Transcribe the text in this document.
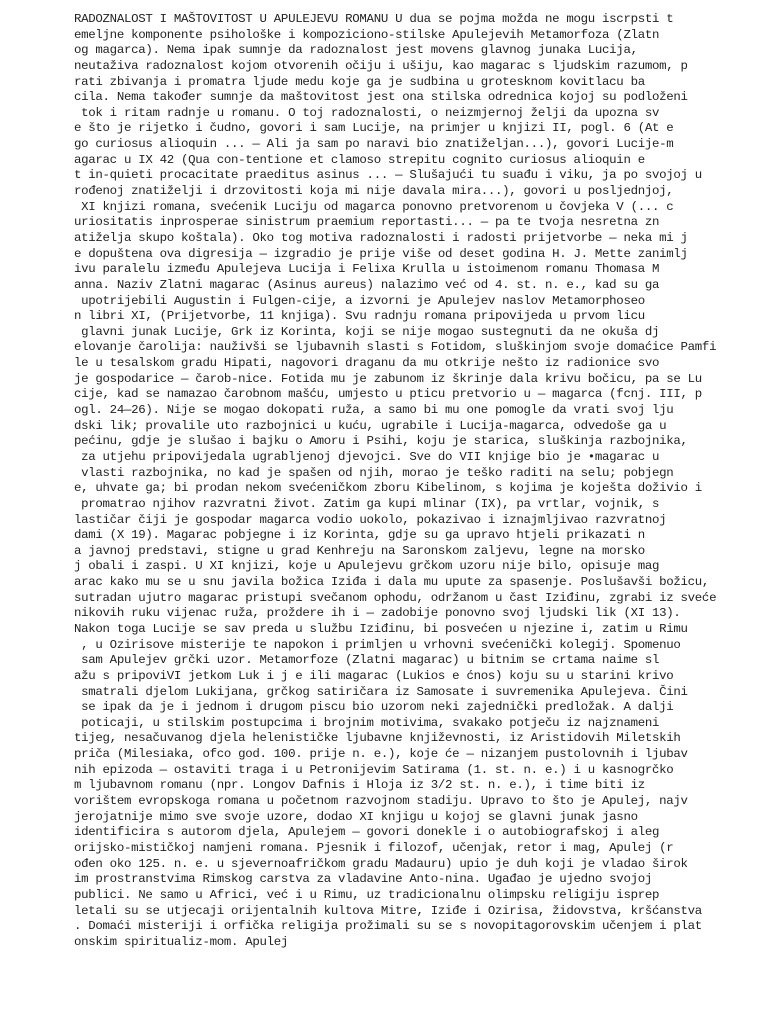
RADOZNALOST I MAŠTOVITOST U APULEJEVU ROMANU U dua se pojma možda ne mogu iscrpsti t
emeljne komponente psihološke i kompoziciono-stilske Apulejevih Metamorfoza (Zlatn
og magarca). Nema ipak sumnje da radoznalost jest movens glavnog junaka Lucija,
neutaživa radoznalost kojom otvorenih očiju i ušiju, kao magarac s ljudskim razumom, p
rati zbivanja i promatra ljude medu koje ga je sudbina u grotesknom kovitlacu ba
cila. Nema također sumnje da maštovitost jest ona stilska odrednica kojoj su podloženi
tok i ritam radnje u romanu. O toj radoznalosti, o neizmjernoj želji da upozna sv
e što je rijetko i čudno, govori i sam Lucije, na primjer u knjizi II, pogl. 6 (At e
go curiosus alioquin ... — Ali ja sam po naravi bio znatiželjan...), govori Lucije-m
agarac u IX 42 (Qua con-tentione et clamoso strepitu cognito curiosus alioquin e
t in-quieti procacitate praeditus asinus ... — Slušajući tu suađu i viku, ja po svojoj u
rođenoj znatiželji i drzovitosti koja mi nije davala mira...), govori u posljednjoj,
XI knjizi romana, svećenik Luciju od magarca ponovno pretvorenom u čovjeka V (... c
uriositatis inprosperae sinistrum praemium reportasti... — pa te tvoja nesretna zn
atiželja skupo koštala). Oko tog motiva radoznalosti i radosti prijetvorbe — neka mi j
e dopuštena ova digresija — izgradio je prije više od deset godina H. J. Mette zanimlj
ivu paralelu između Apulejeva Lucija i Felixa Krulla u istoimenom romanu Thomasa M
anna. Naziv Zlatni magarac (Asinus aureus) nalazimo već od 4. st. n. e., kad su ga
upotrijebili Augustin i Fulgen-cije, a izvorni je Apulejev naslov Metamorphoseo
n libri XI, (Prijetvorbe, 11 knjiga). Svu radnju romana pripovijeda u prvom licu
glavni junak Lucije, Grk iz Korinta, koji se nije mogao sustegnuti da ne okuša dj
elovanje čarolija: nauživši se ljubavnih slasti s Fotidom, sluškinjom svoje domaćice Pamfi
le u tesalskom gradu Hipati, nagovori draganu da mu otkrije nešto iz radionice svo
je gospodarice — čarob-nice. Fotida mu je zabunom iz škrinje dala krivu bočicu, pa se Lu
cije, kad se namazao čarobnom mašću, umjesto u pticu pretvorio u — magarca (fcnj. III, p
ogl. 24—26). Nije se mogao dokopati ruža, a samo bi mu one pomogle da vrati svoj lju
dski lik; provalile uto razbojnici u kuću, ugrabile i Lucija-magarca, odvedoše ga u
pećinu, gdje je slušao i bajku o Amoru i Psihi, koju je starica, sluškinja razbojnika,
za utjehu pripovijedala ugrabljenoj djevojci. Sve do VII knjige bio je •magarac u
vlasti razbojnika, no kad je spašen od njih, morao je teško raditi na selu; pobjegn
e, uhvate ga; bi prodan nekom svećeničkom zboru Kibelinom, s kojima je koješta doživio i
promatrao njihov razvratni život. Zatim ga kupi mlinar (IX), pa vrtlar, vojnik, s
lastičar čiji je gospodar magarca vodio uokolo, pokazivao i iznajmljivao razvratnoj
dami (X 19). Magarac pobjegne i iz Korinta, gdje su ga upravo htjeli prikazati n
a javnoj predstavi, stigne u grad Kenhreju na Saronskom zaljevu, legne na morsko
j obali i zaspi. U XI knjizi, koje u Apulejevu grčkom uzoru nije bilo, opisuje mag
arac kako mu se u snu javila božica Iziđa i dala mu upute za spasenje. Poslušavši božicu,
sutradan ujutro magarac pristupi svečanom ophodu, održanom u čast Iziđinu, zgrabi iz sveće
nikovih ruku vijenac ruža, proždere ih i — zadobije ponovno svoj ljudski lik (XI 13).
Nakon toga Lucije se sav preda u službu Iziđinu, bi posvećen u njezine i, zatim u Rimu
, u Ozirisove misterije te napokon i primljen u vrhovni svećenički kolegij. Spomenuo
sam Apulejev grčki uzor. Metamorfoze (Zlatni magarac) u bitnim se crtama naime sl
ažu s pripoviVI jetkom Luk i j e ili magarac (Lukios e ćnos) koju su u starini krivo
smatrali djelom Lukijana, grčkog satiričara iz Samosate i suvremenika Apulejeva. Čini
se ipak da je i jednom i drugom piscu bio uzorom neki zajednički predložak. A dalji
poticaji, u stilskim postupcima i brojnim motivima, svakako potječu iz najznameni
tijeg, nesačuvanog djela helenističke ljubavne književnosti, iz Aristidovih Miletskih
priča (Milesiaka, ofco god. 100. prije n. e.), koje će — nizanjem pustolovnih i ljubav
nih epizoda — ostaviti traga i u Petronijevim Satirama (1. st. n. e.) i u kasnogrčko
m ljubavnom romanu (npr. Longov Dafnis i Hloja iz 3/2 st. n. e.), i time biti iz
vorištem evropskoga romana u početnom razvojnom stadiju. Upravo to što je Apulej, najv
jerojatnije mimo sve svoje uzore, dodao XI knjigu u kojoj se glavni junak jasno
identificira s autorom djela, Apulejem — govori donekle i o autobiografskoj i aleg
orijsko-mističkoj namjeni romana. Pjesnik i filozof, učenjak, retor i mag, Apulej (r
ođen oko 125. n. e. u sjevernoafričkom gradu Madauru) upio je duh koji je vladao širok
im prostranstvima Rimskog carstva za vladavine Anto-nina. Ugađao je ujedno svojoj
publici. Ne samo u Africi, već i u Rimu, uz tradicionalnu olimpsku religiju isprep
letali su se utjecaji orijentalnih kultova Mitre, Iziđe i Ozirisa, židovstva, kršćanstva
. Domaći misteriji i orfička religija prožimali su se s novopitagorovskim učenjem i plat
onskim spiritualiz-mom. Apulej
